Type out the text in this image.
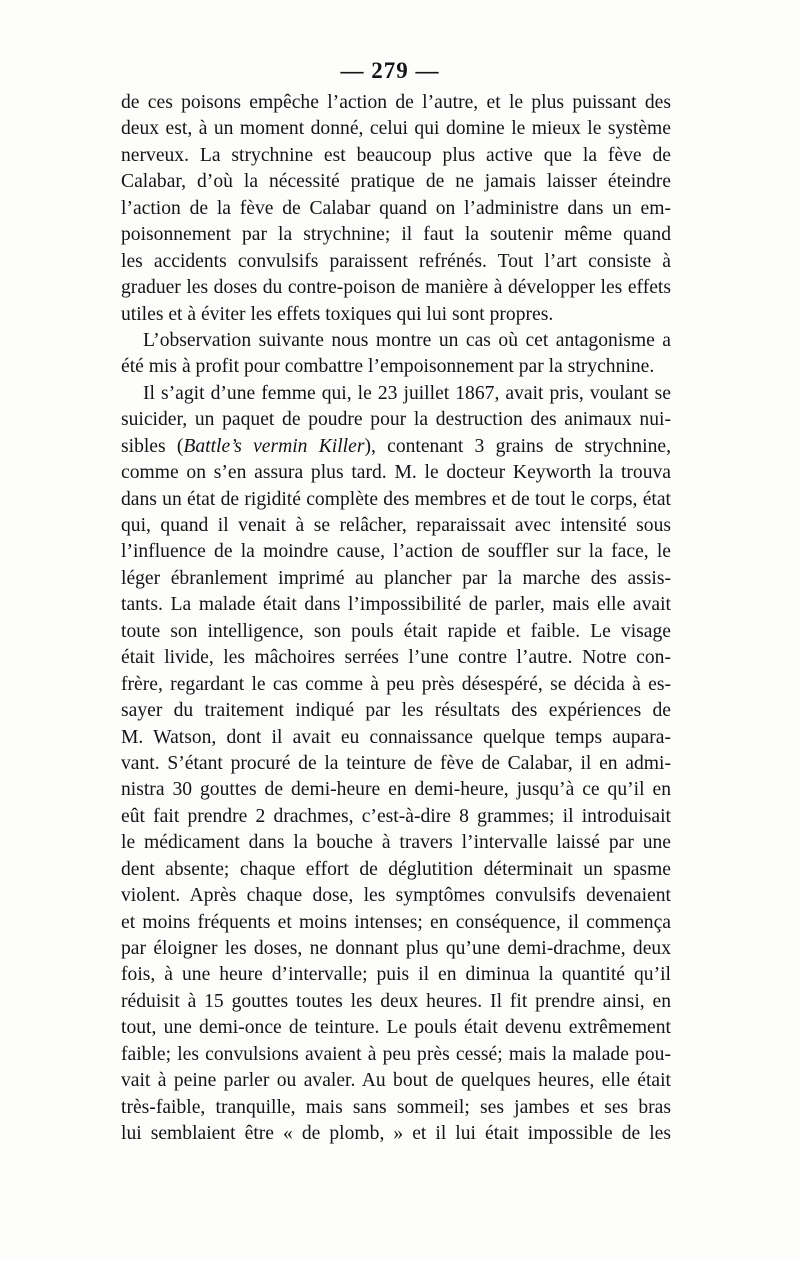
— 279 —
de ces poisons empêche l’action de l’autre, et le plus puissant des
deux est, à un moment donné, celui qui domine le mieux le système
nerveux. La strychnine est beaucoup plus active que la fève de
Calabar, d’où la nécessité pratique de ne jamais laisser éteindre
l’action de la fève de Calabar quand on l’administre dans un em-
poisonnement par la strychnine; il faut la soutenir même quand
les accidents convulsifs paraissent refrénés. Tout l’art consiste à
graduer les doses du contre-poison de manière à développer les effets
utiles et à éviter les effets toxiques qui lui sont propres.
L’observation suivante nous montre un cas où cet antagonisme a
été mis à profit pour combattre l’empoisonnement par la strychnine.
Il s’agit d’une femme qui, le 23 juillet 1867, avait pris, voulant se
suicider, un paquet de poudre pour la destruction des animaux nui-
sibles (Battle’s vermin Killer), contenant 3 grains de strychnine,
comme on s’en assura plus tard. M. le docteur Keyworth la trouva
dans un état de rigidité complète des membres et de tout le corps, état
qui, quand il venait à se relâcher, reparaissait avec intensité sous
l’influence de la moindre cause, l’action de souffler sur la face, le
léger ébranlement imprimé au plancher par la marche des assis-
tants. La malade était dans l’impossibilité de parler, mais elle avait
toute son intelligence, son pouls était rapide et faible. Le visage
était livide, les mâchoires serrées l’une contre l’autre. Notre con-
frère, regardant le cas comme à peu près désespéré, se décida à es-
sayer du traitement indiqué par les résultats des expériences de
M. Watson, dont il avait eu connaissance quelque temps aupara-
vant. S’étant procuré de la teinture de fève de Calabar, il en admi-
nistra 30 gouttes de demi-heure en demi-heure, jusqu’à ce qu’il en
eût fait prendre 2 drachmes, c’est-à-dire 8 grammes; il introduisait
le médicament dans la bouche à travers l’intervalle laissé par une
dent absente; chaque effort de déglutition déterminait un spasme
violent. Après chaque dose, les symptômes convulsifs devenaient
et moins fréquents et moins intenses; en conséquence, il commença
par éloigner les doses, ne donnant plus qu’une demi-drachme, deux
fois, à une heure d’intervalle; puis il en diminua la quantité qu’il
réduisit à 15 gouttes toutes les deux heures. Il fit prendre ainsi, en
tout, une demi-once de teinture. Le pouls était devenu extrêmement
faible; les convulsions avaient à peu près cessé; mais la malade pou-
vait à peine parler ou avaler. Au bout de quelques heures, elle était
très-faible, tranquille, mais sans sommeil; ses jambes et ses bras
lui semblaient être « de plomb, » et il lui était impossible de les
